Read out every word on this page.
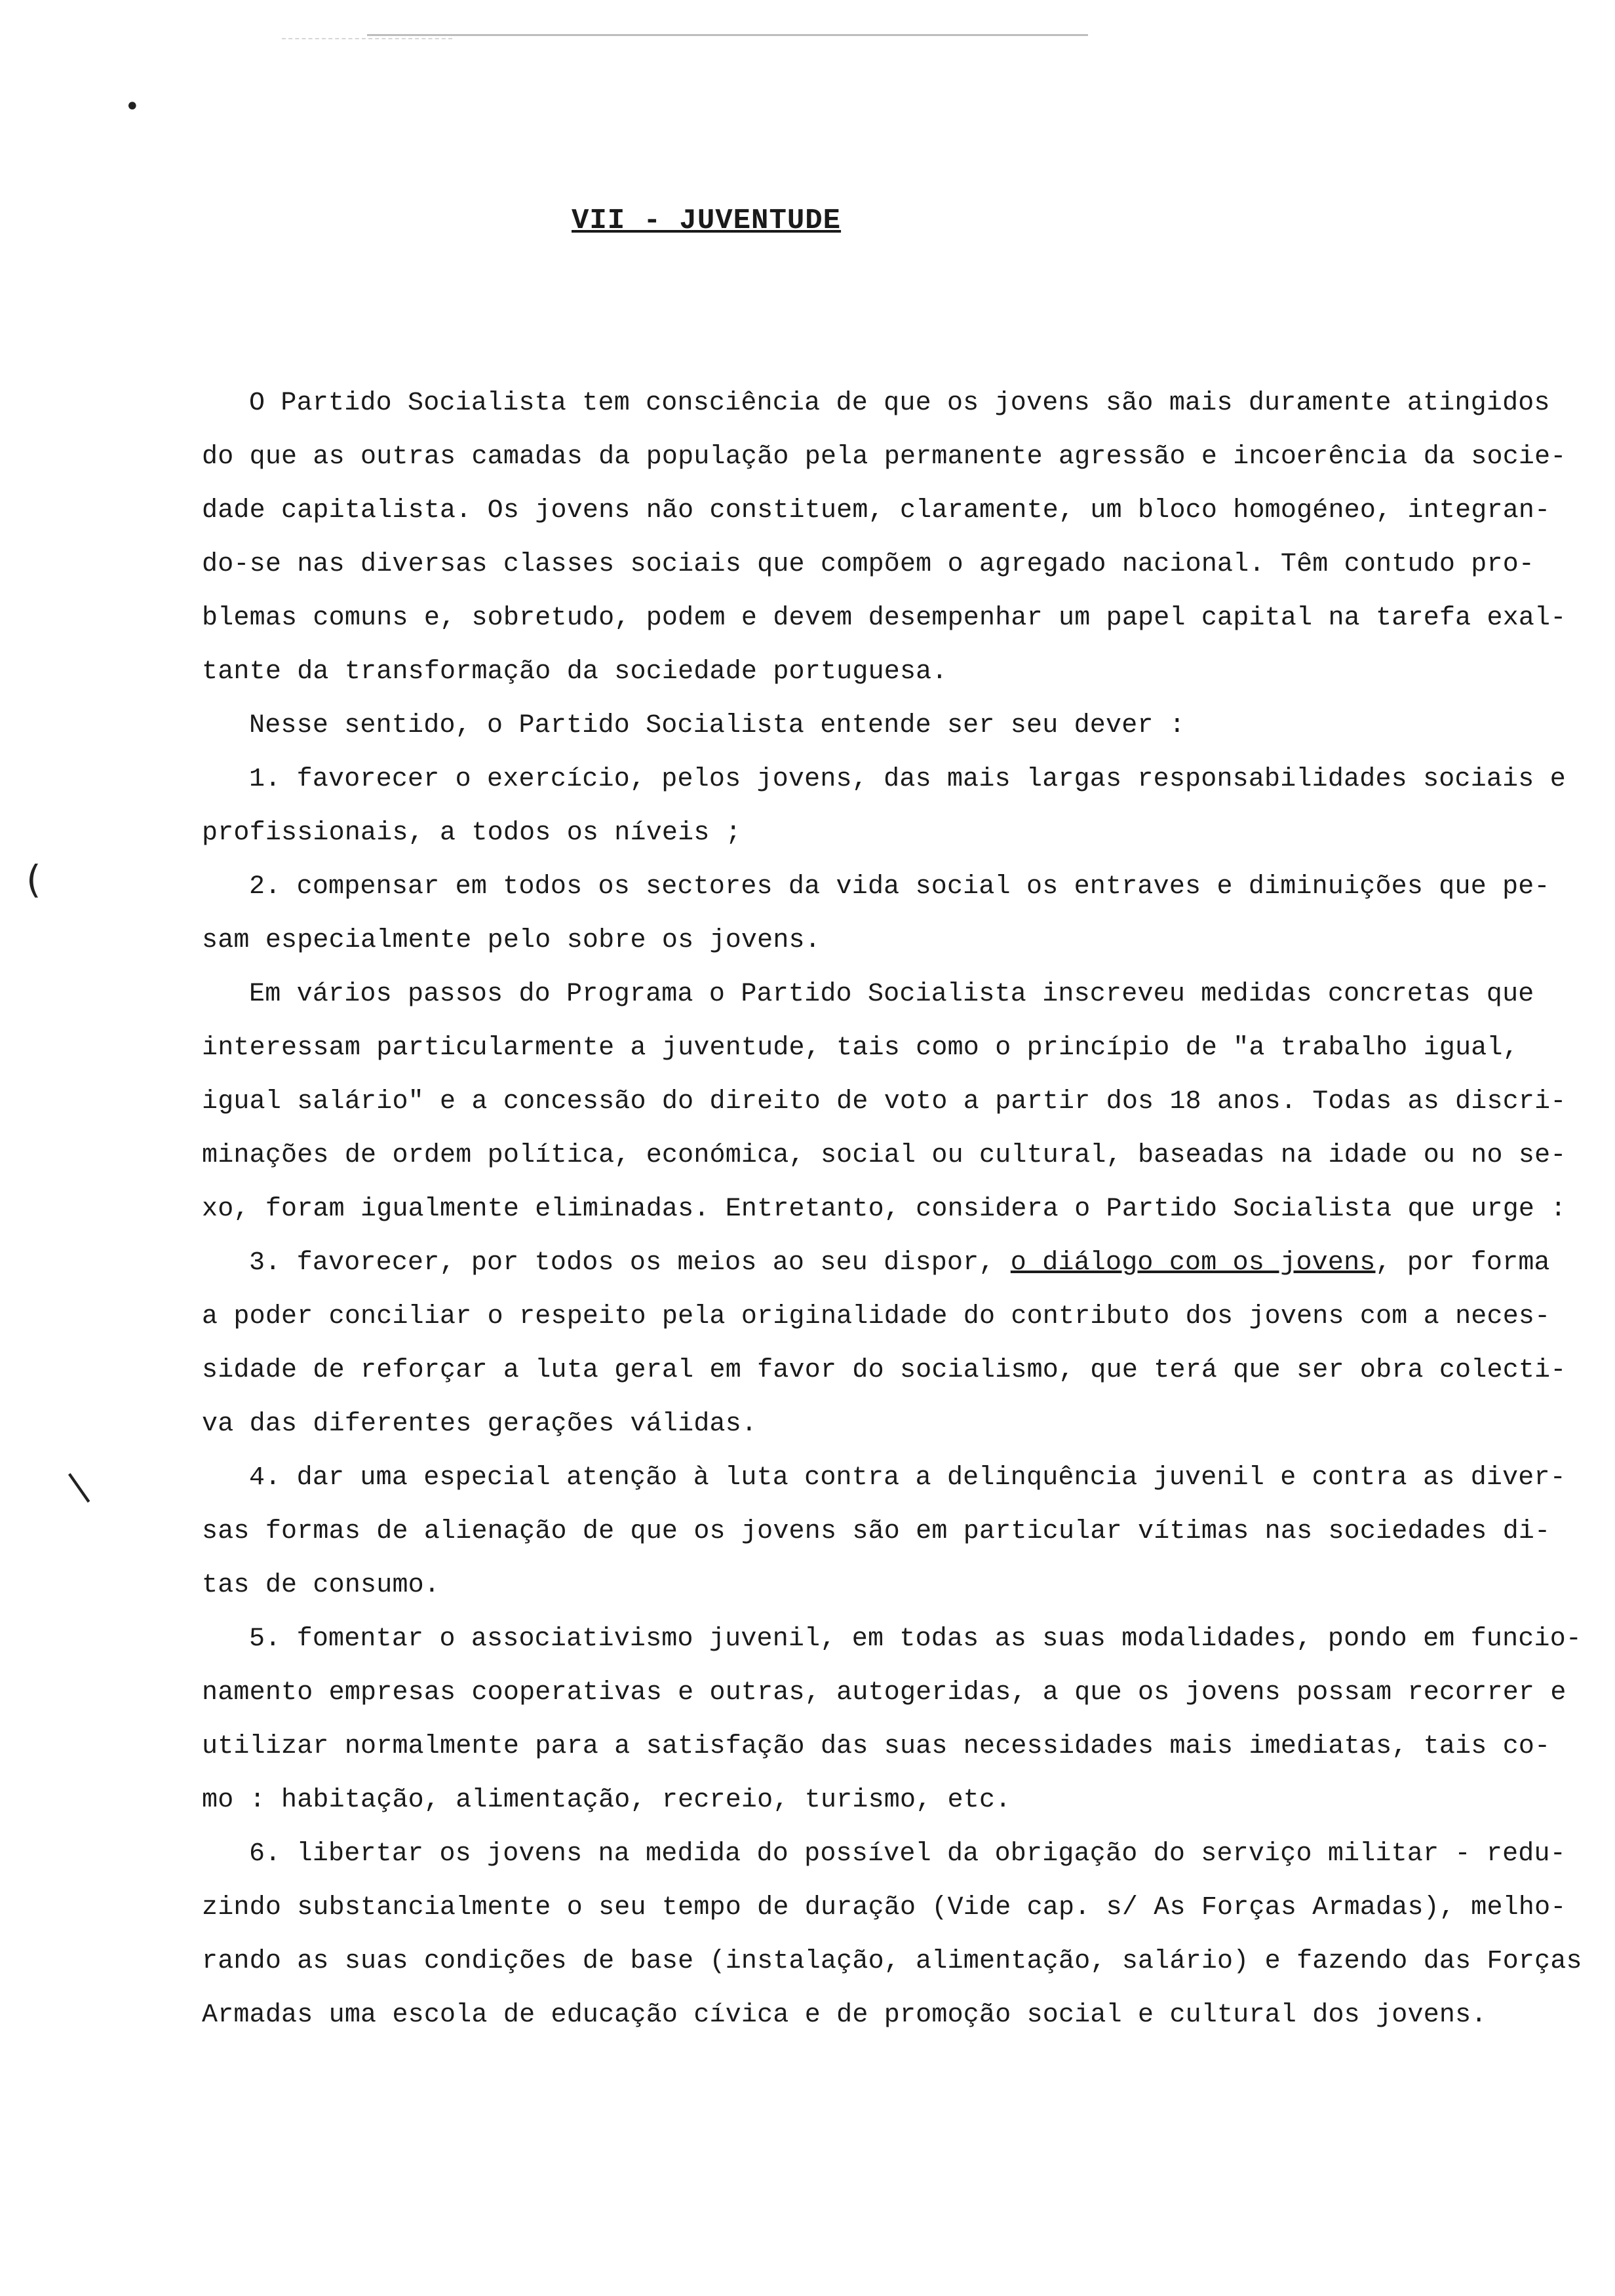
•
(
|
VII - JUVENTUDE
O Partido Socialista tem consciência de que os jovens são mais duramente atingidos
do que as outras camadas da população pela permanente agressão e incoerência da socie-
dade capitalista. Os jovens não constituem, claramente, um bloco homogéneo, integran-
do-se nas diversas classes sociais que compõem o agregado nacional. Têm contudo pro-
blemas comuns e, sobretudo, podem e devem desempenhar um papel capital na tarefa exal-
tante da transformação da sociedade portuguesa.
Nesse sentido, o Partido Socialista entende ser seu dever :
1. favorecer o exercício, pelos jovens, das mais largas responsabilidades sociais e
profissionais, a todos os níveis ;
2. compensar em todos os sectores da vida social os entraves e diminuições que pe-
sam especialmente pelo sobre os jovens.
Em vários passos do Programa o Partido Socialista inscreveu medidas concretas que
interessam particularmente a juventude, tais como o princípio de "a trabalho igual,
igual salário" e a concessão do direito de voto a partir dos 18 anos. Todas as discri-
minações de ordem política, económica, social ou cultural, baseadas na idade ou no se-
xo, foram igualmente eliminadas. Entretanto, considera o Partido Socialista que urge :
3. favorecer, por todos os meios ao seu dispor, o diálogo com os jovens, por forma
a poder conciliar o respeito pela originalidade do contributo dos jovens com a neces-
sidade de reforçar a luta geral em favor do socialismo, que terá que ser obra colecti-
va das diferentes gerações válidas.
4. dar uma especial atenção à luta contra a delinquência juvenil e contra as diver-
sas formas de alienação de que os jovens são em particular vítimas nas sociedades di-
tas de consumo.
5. fomentar o associativismo juvenil, em todas as suas modalidades, pondo em funcio-
namento empresas cooperativas e outras, autogeridas, a que os jovens possam recorrer e
utilizar normalmente para a satisfação das suas necessidades mais imediatas, tais co-
mo : habitação, alimentação, recreio, turismo, etc.
6. libertar os jovens na medida do possível da obrigação do serviço militar - redu-
zindo substancialmente o seu tempo de duração (Vide cap. s/ As Forças Armadas), melho-
rando as suas condições de base (instalação, alimentação, salário) e fazendo das Forças
Armadas uma escola de educação cívica e de promoção social e cultural dos jovens.
